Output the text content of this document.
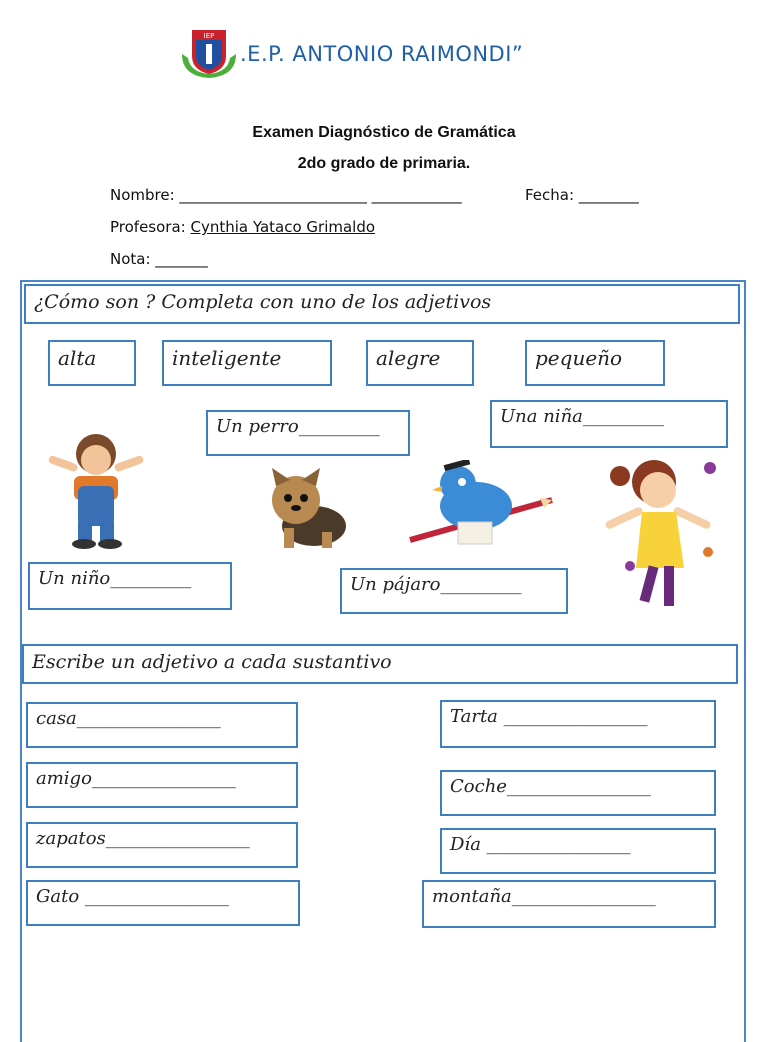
IEP
.E.P. ANTONIO RAIMONDI”
Examen Diagnóstico de Gramática
2do grado de primaria.
Nombre: _________________________ ____________	Fecha: ________
Profesora: Cynthia Yataco Grimaldo
Nota: _______
¿Cómo son ? Completa con uno de los adjetivos
alta	inteligente	alegre	pequeño
Un perro_________	Una niña_________
Un niño_________	Un pájaro_________
Escribe un adjetivo a cada sustantivo
casa________________
amigo________________
zapatos________________
Gato ________________
Tarta ________________
Coche________________
Día ________________
montaña________________
